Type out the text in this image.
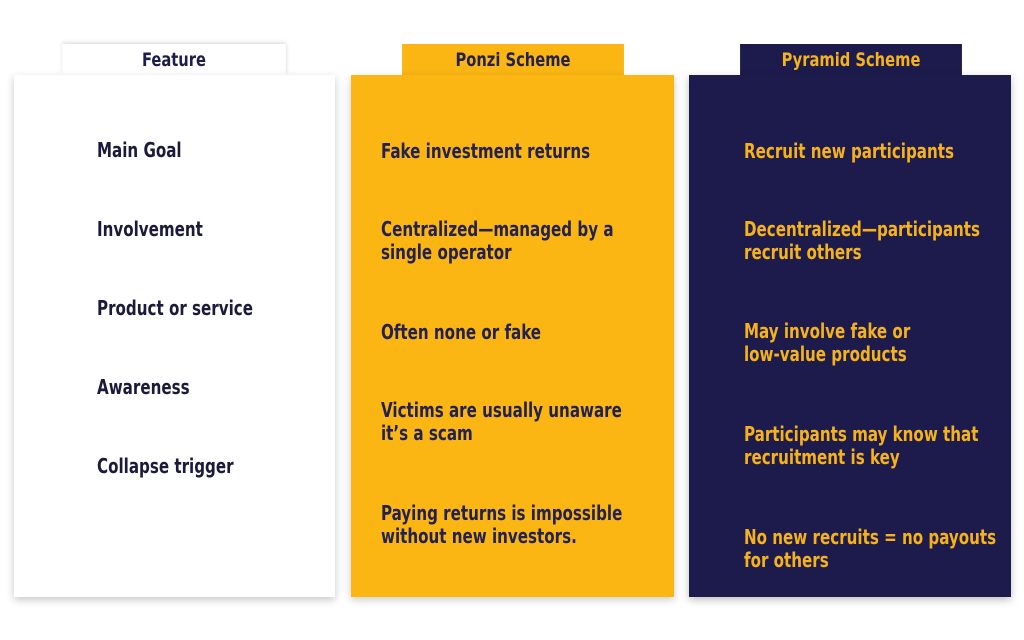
Feature	Ponzi Scheme	Pyramid Scheme
Main Goal
Involvement
Product or service
Awareness
Collapse trigger
Fake investment returns
Centralized—managed by a
single operator
Often none or fake
Victims are usually unaware
it’s a scam
Paying returns is impossible
without new investors.
Recruit new participants
Decentralized—participants
recruit others
May involve fake or
low-value products
Participants may know that
recruitment is key
No new recruits = no payouts
for others
